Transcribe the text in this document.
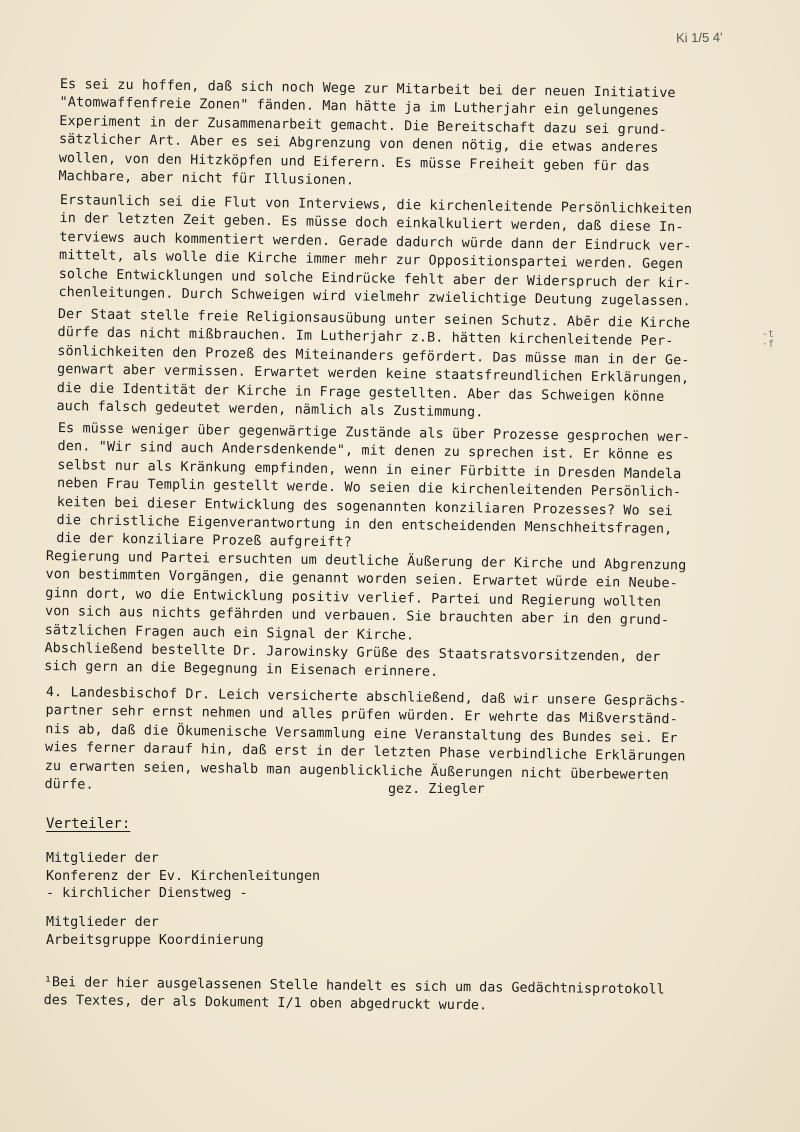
Ki 1/5 4'
-t
·f

Es sei zu hoffen, daß sich noch Wege zur Mitarbeit bei der neuen Initiative
"Atomwaffenfreie Zonen" fänden. Man hätte ja im Lutherjahr ein gelungenes
Experiment in der Zusammenarbeit gemacht. Die Bereitschaft dazu sei grund-
sätzlicher Art. Aber es sei Abgrenzung von denen nötig, die etwas anderes
wollen, von den Hitzköpfen und Eiferern. Es müsse Freiheit geben für das
Machbare, aber nicht für Illusionen.

Erstaunlich sei die Flut von Interviews, die kirchenleitende Persönlichkeiten
in der letzten Zeit geben. Es müsse doch einkalkuliert werden, daß diese In-
terviews auch kommentiert werden. Gerade dadurch würde dann der Eindruck ver-
mittelt, als wolle die Kirche immer mehr zur Oppositionspartei werden. Gegen
solche Entwicklungen und solche Eindrücke fehlt aber der Widerspruch der kir-
chenleitungen. Durch Schweigen wird vielmehr zwielichtige Deutung zugelassen.

Der Staat stelle freie Religionsausübung unter seinen Schutz. Abēr die Kirche
dürfe das nicht mißbrauchen. Im Lutherjahr z.B. hätten kirchenleitende Per-
sönlichkeiten den Prozeß des Miteinanders gefördert. Das müsse man in der Ge-
genwart aber vermissen. Erwartet werden keine staatsfreundlichen Erklärungen,
die die Identität der Kirche in Frage gestellten. Aber das Schweigen könne
auch falsch gedeutet werden, nämlich als Zustimmung.

Es müsse weniger über gegenwärtige Zustände als über Prozesse gesprochen wer-
den. "Wir sind auch Andersdenkende", mit denen zu sprechen ist. Er könne es
selbst nur als Kränkung empfinden, wenn in einer Fürbitte in Dresden Mandela
neben Frau Templin gestellt werde. Wo seien die kirchenleitenden Persönlich-
keiten bei dieser Entwicklung des sogenannten konziliaren Prozesses? Wo sei
die christliche Eigenverantwortung in den entscheidenden Menschheitsfragen,
die der konziliare Prozeß aufgreift?

Regierung und Partei ersuchten um deutliche Äußerung der Kirche und Abgrenzung
von bestimmten Vorgängen, die genannt worden seien. Erwartet würde ein Neube-
ginn dort, wo die Entwicklung positiv verlief. Partei und Regierung wollten
von sich aus nichts gefährden und verbauen. Sie brauchten aber in den grund-
sätzlichen Fragen auch ein Signal der Kirche.
Abschließend bestellte Dr. Jarowinsky Grüße des Staatsratsvorsitzenden, der
sich gern an die Begegnung in Eisenach erinnere.

4. Landesbischof Dr. Leich versicherte abschließend, daß wir unsere Gesprächs-
partner sehr ernst nehmen und alles prüfen würden. Er wehrte das Mißverständ-
nis ab, daß die Ökumenische Versammlung eine Veranstaltung des Bundes sei. Er
wies ferner darauf hin, daß erst in der letzten Phase verbindliche Erklärungen
zu erwarten seien, weshalb man augenblickliche Äußerungen nicht überbewerten
dürfe.	gez. Ziegler
Verteiler:

Mitglieder der
Konferenz der Ev. Kirchenleitungen
- kirchlicher Dienstweg -

Mitglieder der
Arbeitsgruppe Koordinierung

¹Bei der hier ausgelassenen Stelle handelt es sich um das Gedächtnisprotokoll
des Textes, der als Dokument I/1 oben abgedruckt wurde.
